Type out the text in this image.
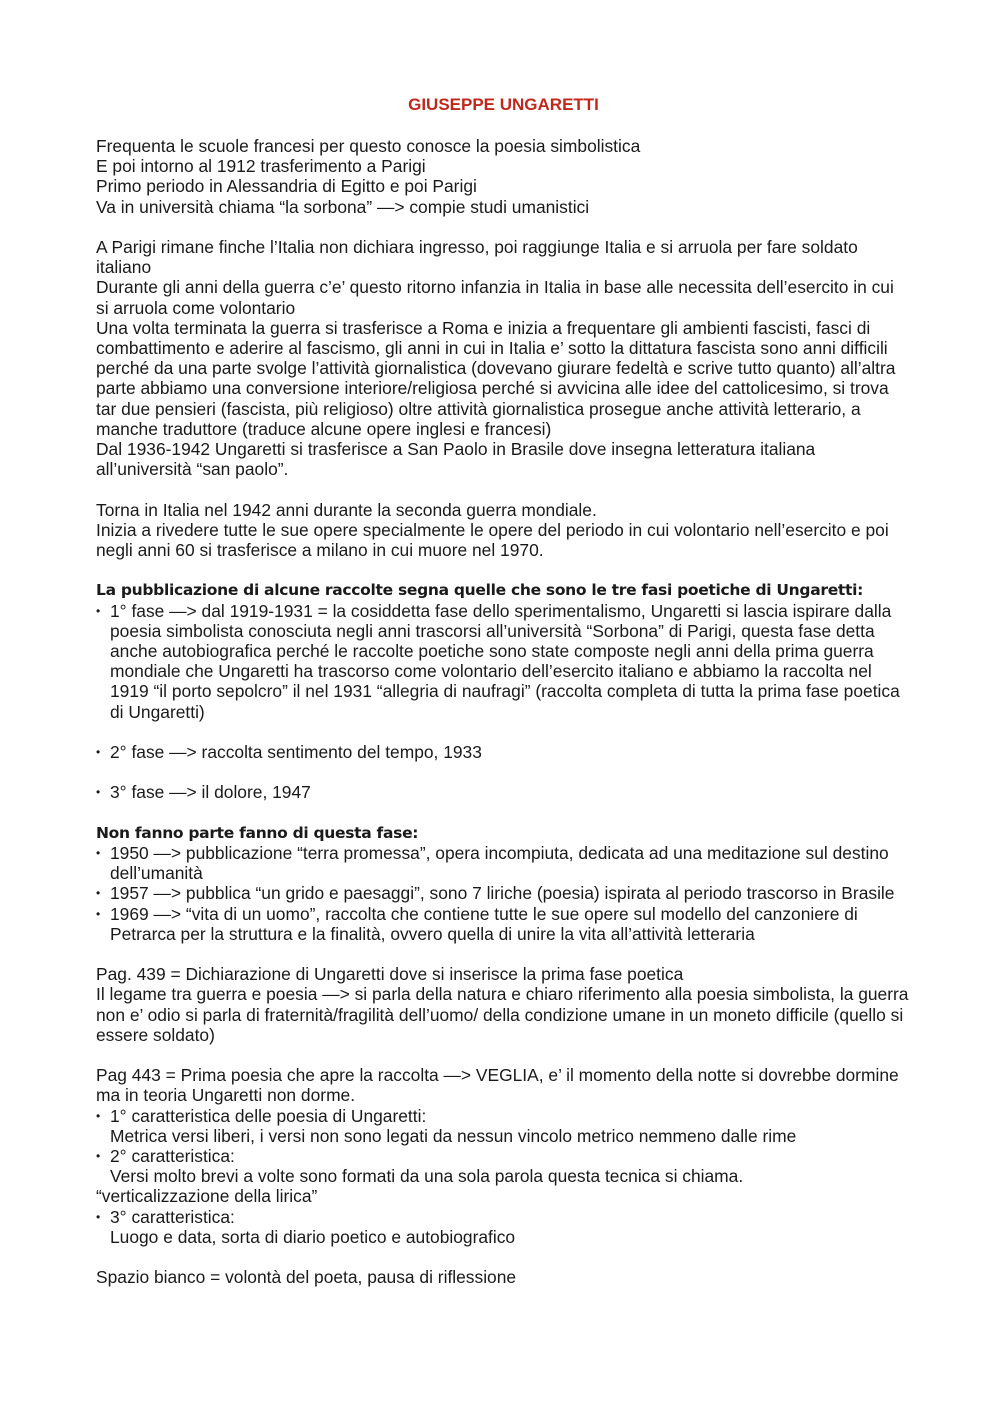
GIUSEPPE UNGARETTI

Frequenta le scuole francesi per questo conosce la poesia simbolistica

E poi intorno al 1912 trasferimento a Parigi

Primo periodo in Alessandria di Egitto e poi Parigi

Va in università chiama “la sorbona” —> compie studi umanistici

A Parigi rimane finche l’Italia non dichiara ingresso, poi raggiunge Italia e si arruola per fare soldato italiano

Durante gli anni della guerra c’e’ questo ritorno infanzia in Italia in base alle necessita dell’esercito in cui si arruola come volontario

Una volta terminata la guerra si trasferisce a Roma e inizia a frequentare gli ambienti fascisti, fasci di combattimento e aderire al fascismo, gli anni in cui in Italia e’ sotto la dittatura fascista sono anni difficili perché da una parte svolge l’attività giornalistica (dovevano giurare fedeltà e scrive tutto quanto) all’altra parte abbiamo una conversione interiore/religiosa perché si avvicina alle idee del cattolicesimo, si trova tar due pensieri (fascista, più religioso) oltre attività giornalistica prosegue anche attività letterario, a manche traduttore (traduce alcune opere inglesi e francesi)

Dal 1936-1942 Ungaretti si trasferisce a San Paolo in Brasile dove insegna letteratura italiana all’università “san paolo”.

Torna in Italia nel 1942 anni durante la seconda guerra mondiale.

Inizia a rivedere tutte le sue opere specialmente le opere del periodo in cui volontario nell’esercito e poi negli anni 60 si trasferisce a milano in cui muore nel 1970.

La pubblicazione di alcune raccolte segna quelle che sono le tre fasi poetiche di Ungaretti:

• 1° fase —> dal 1919-1931 = la cosiddetta fase dello sperimentalismo, Ungaretti si lascia ispirare dalla poesia simbolista conosciuta negli anni trascorsi all’università “Sorbona” di Parigi, questa fase detta anche autobiografica perché le raccolte poetiche sono state composte negli anni della prima guerra mondiale che Ungaretti ha trascorso come volontario dell’esercito italiano e abbiamo la raccolta nel 1919 “il porto sepolcro” il nel 1931 “allegria di naufragi” (raccolta completa di tutta la prima fase poetica di Ungaretti)
• 2° fase —> raccolta sentimento del tempo, 1933
• 3° fase —> il dolore, 1947

Non fanno parte fanno di questa fase:

• 1950 —> pubblicazione “terra promessa”, opera incompiuta, dedicata ad una meditazione sul destino dell’umanità
• 1957 —> pubblica “un grido e paesaggi”, sono 7 liriche (poesia) ispirata al periodo trascorso in Brasile
• 1969 —> “vita di un uomo”, raccolta che contiene tutte le sue opere sul modello del canzoniere di Petrarca per la struttura e la finalità, ovvero quella di unire la vita all’attività letteraria

Pag. 439 = Dichiarazione di Ungaretti dove si inserisce la prima fase poetica

Il legame tra guerra e poesia —> si parla della natura e chiaro riferimento alla poesia simbolista, la guerra non e’ odio si parla di fraternità/fragilità dell’uomo/ della condizione umane in un moneto difficile (quello si essere soldato)

Pag 443 = Prima poesia che apre la raccolta —> VEGLIA, e’ il momento della notte si dovrebbe dormine ma in teoria Ungaretti non dorme.

• 1° caratteristica delle poesia di Ungaretti:

Metrica versi liberi, i versi non sono legati da nessun vincolo metrico nemmeno dalle rime

• 2° caratteristica:

Versi molto brevi a volte sono formati da una sola parola questa tecnica si chiama.

“verticalizzazione della lirica”

• 3° caratteristica:

Luogo e data, sorta di diario poetico e autobiografico

Spazio bianco = volontà del poeta, pausa di riflessione
